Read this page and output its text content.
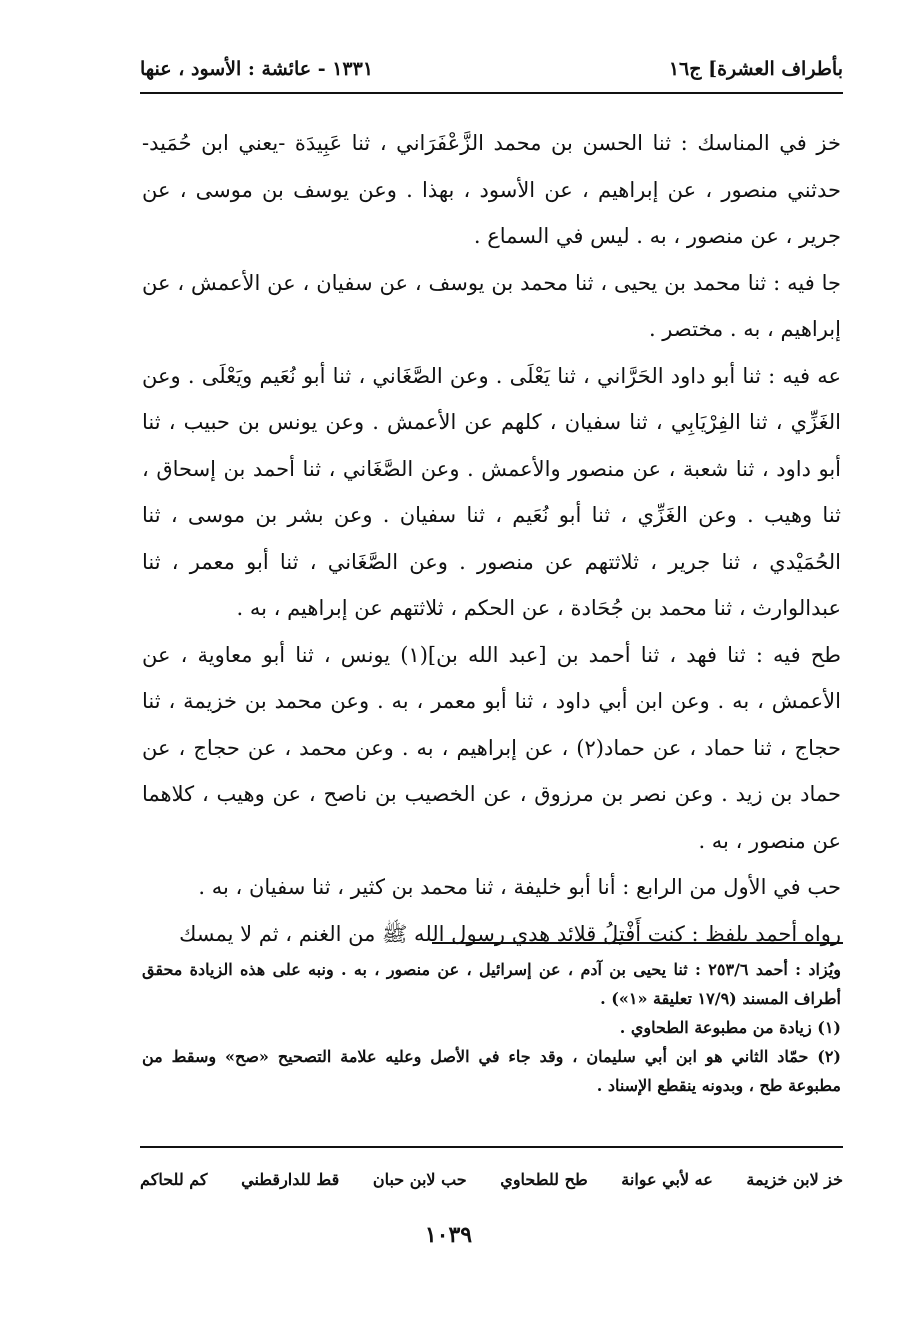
بأطراف العشرة] ج١٦
١٣٣١ - عائشة : الأسود ، عنها

خز في المناسك : ثنا الحسن بن محمد الزَّعْفَرَاني ، ثنا عَبِيدَة -يعني ابن حُمَيد- حدثني منصور ، عن إبراهيم ، عن الأسود ، بهذا . وعن يوسف بن موسى ، عن جرير ، عن منصور ، به . ليس في السماع .

جا فيه : ثنا محمد بن يحيى ، ثنا محمد بن يوسف ، عن سفيان ، عن الأعمش ، عن إبراهيم ، به . مختصر .

عه فيه : ثنا أبو داود الحَرَّاني ، ثنا يَعْلَى . وعن الصَّغَاني ، ثنا أبو نُعَيم ويَعْلَى . وعن الغَزِّي ، ثنا الفِرْيَابِي ، ثنا سفيان ، كلهم عن الأعمش . وعن يونس بن حبيب ، ثنا أبو داود ، ثنا شعبة ، عن منصور والأعمش . وعن الصَّغَاني ، ثنا أحمد بن إسحاق ، ثنا وهيب . وعن الغَزِّي ، ثنا أبو نُعَيم ، ثنا سفيان . وعن بشر بن موسى ، ثنا الحُمَيْدي ، ثنا جرير ، ثلاثتهم عن منصور . وعن الصَّغَاني ، ثنا أبو معمر ، ثنا عبدالوارث ، ثنا محمد بن جُحَادة ، عن الحكم ، ثلاثتهم عن إبراهيم ، به .

طح فيه : ثنا فهد ، ثنا أحمد بن [عبد الله بن](١) يونس ، ثنا أبو معاوية ، عن الأعمش ، به . وعن ابن أبي داود ، ثنا أبو معمر ، به . وعن محمد بن خزيمة ، ثنا حجاج ، ثنا حماد ، عن حماد(٢) ، عن إبراهيم ، به . وعن محمد ، عن حجاج ، عن حماد بن زيد . وعن نصر بن مرزوق ، عن الخصيب بن ناصح ، عن وهيب ، كلاهما عن منصور ، به .

حب في الأول من الرابع : أنا أبو خليفة ، ثنا محمد بن كثير ، ثنا سفيان ، به .

رواه أحمد بلفظ : كنت أَفْتِلُ قلائد هدي رسول الله ﷺ من الغنم ، ثم لا يمسك

ويُزاد : أحمد ٢٥٣/٦ : ثنا يحيى بن آدم ، عن إسرائيل ، عن منصور ، به . ونبه على هذه الزيادة محقق أطراف المسند (١٧/٩ تعليقة «١») .

(١) زيادة من مطبوعة الطحاوي .

(٢) حمّاد الثاني هو ابن أبي سليمان ، وقد جاء في الأصل وعليه علامة التصحيح «صح» وسقط من مطبوعة طح ، وبدونه ينقطع الإسناد .

خز لابن خزيمة
عه لأبي عوانة
طح للطحاوي
حب لابن حبان
قط للدارقطني
كم للحاكم
١٠٣٩
